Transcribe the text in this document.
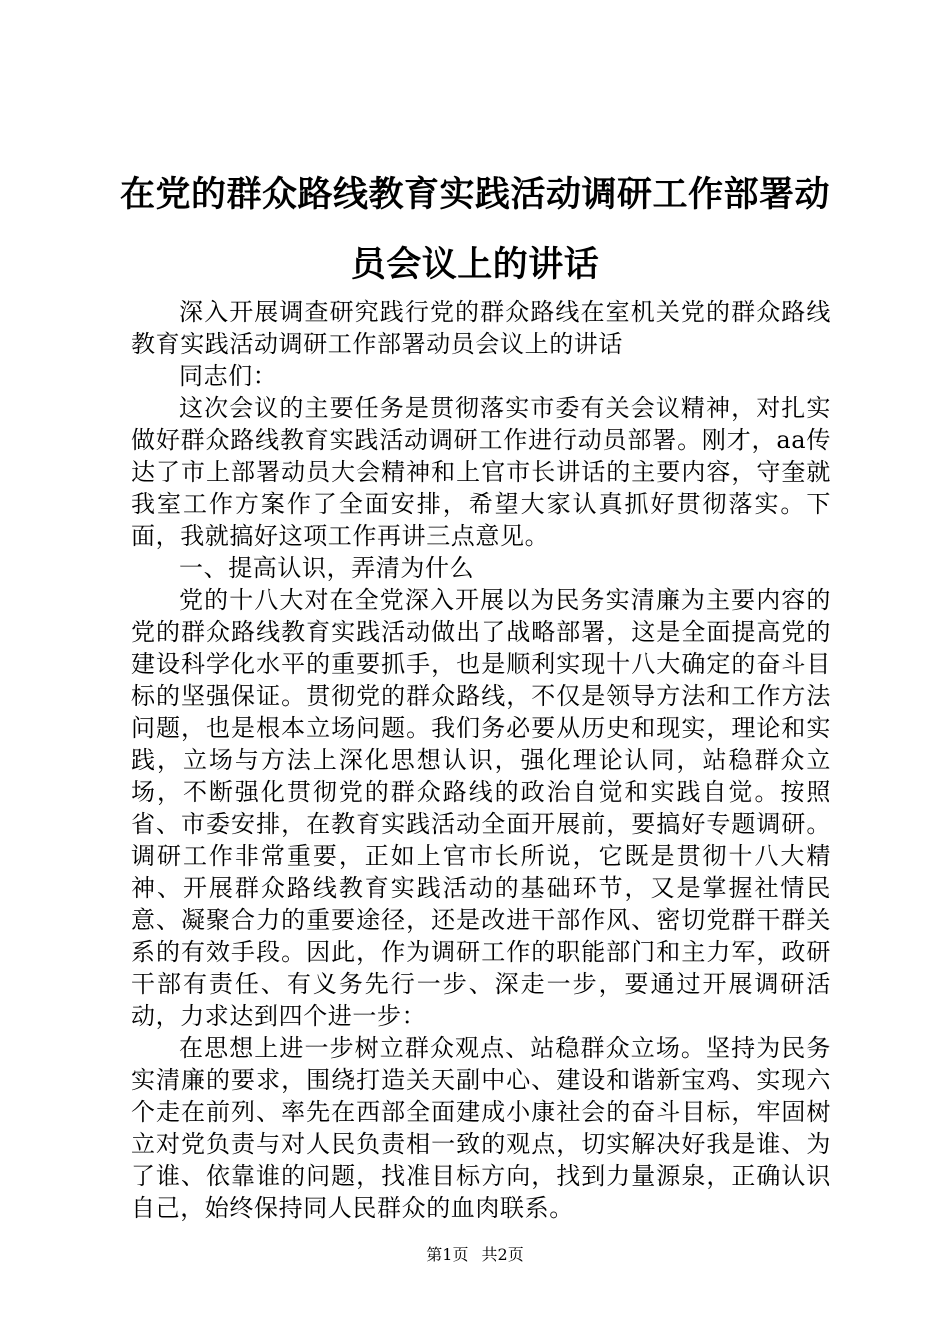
在党的群众路线教育实践活动调研工作部署动员会议上的讲话

深入开展调查研究践行党的群众路线在室机关党的群众路线教育实践活动调研工作部署动员会议上的讲话

同志们：

这次会议的主要任务是贯彻落实市委有关会议精神，对扎实做好群众路线教育实践活动调研工作进行动员部署。刚才，aa传达了市上部署动员大会精神和上官市长讲话的主要内容，守奎就我室工作方案作了全面安排，希望大家认真抓好贯彻落实。下面，我就搞好这项工作再讲三点意见。

一、提高认识，弄清为什么

党的十八大对在全党深入开展以为民务实清廉为主要内容的党的群众路线教育实践活动做出了战略部署，这是全面提高党的建设科学化水平的重要抓手，也是顺利实现十八大确定的奋斗目标的坚强保证。贯彻党的群众路线，不仅是领导方法和工作方法问题，也是根本立场问题。我们务必要从历史和现实，理论和实践，立场与方法上深化思想认识，强化理论认同，站稳群众立场，不断强化贯彻党的群众路线的政治自觉和实践自觉。按照省、市委安排，在教育实践活动全面开展前，要搞好专题调研。调研工作非常重要，正如上官市长所说，它既是贯彻十八大精神、开展群众路线教育实践活动的基础环节，又是掌握社情民意、凝聚合力的重要途径，还是改进干部作风、密切党群干群关系的有效手段。因此，作为调研工作的职能部门和主力军，政研干部有责任、有义务先行一步、深走一步，要通过开展调研活动，力求达到四个进一步：

在思想上进一步树立群众观点、站稳群众立场。坚持为民务实清廉的要求，围绕打造关天副中心、建设和谐新宝鸡、实现六个走在前列、率先在西部全面建成小康社会的奋斗目标，牢固树立对党负责与对人民负责相一致的观点，切实解决好我是谁、为了谁、依靠谁的问题，找准目标方向，找到力量源泉，正确认识自己，始终保持同人民群众的血肉联系。

第1页 共2页
